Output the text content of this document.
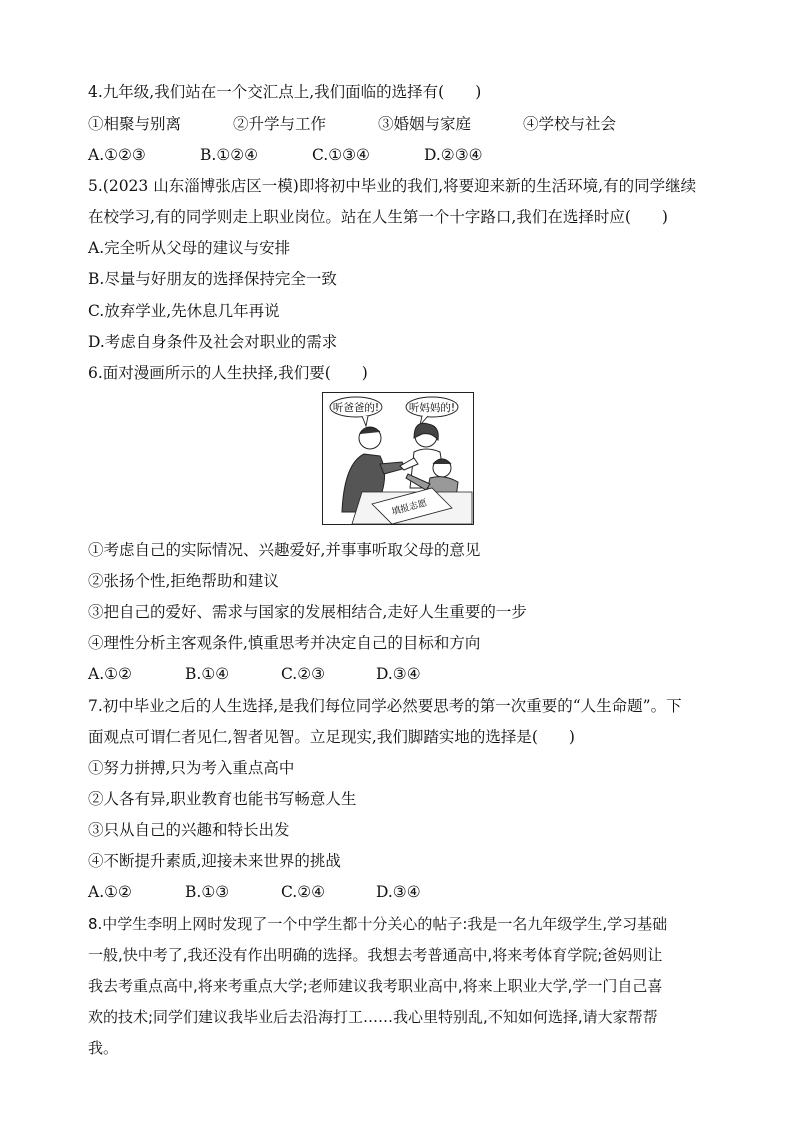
4.九年级,我们站在一个交汇点上,我们面临的选择有(　　)
①相聚与别离	②升学与工作	③婚姻与家庭	④学校与社会
A.①②③	B.①②④	C.①③④	D.②③④
5.(2023 山东淄博张店区一模)即将初中毕业的我们,将要迎来新的生活环境,有的同学继续
在校学习,有的同学则走上职业岗位。站在人生第一个十字路口,我们在选择时应(　　)
A.完全听从父母的建议与安排
B.尽量与好朋友的选择保持完全一致
C.放弃学业,先休息几年再说
D.考虑自身条件及社会对职业的需求
6.面对漫画所示的人生抉择,我们要(　　)
听爸爸的!	听妈妈的!
填报志愿
①考虑自己的实际情况、兴趣爱好,并事事听取父母的意见
②张扬个性,拒绝帮助和建议
③把自己的爱好、需求与国家的发展相结合,走好人生重要的一步
④理性分析主客观条件,慎重思考并决定自己的目标和方向
A.①②	B.①④	C.②③	D.③④
7.初中毕业之后的人生选择,是我们每位同学必然要思考的第一次重要的“人生命题”。下
面观点可谓仁者见仁,智者见智。立足现实,我们脚踏实地的选择是(　　)
①努力拼搏,只为考入重点高中
②人各有异,职业教育也能书写畅意人生
③只从自己的兴趣和特长出发
④不断提升素质,迎接未来世界的挑战
A.①②	B.①③	C.②④	D.③④
8.中学生李明上网时发现了一个中学生都十分关心的帖子:我是一名九年级学生,学习基础
一般,快中考了,我还没有作出明确的选择。我想去考普通高中,将来考体育学院;爸妈则让
我去考重点高中,将来考重点大学;老师建议我考职业高中,将来上职业大学,学一门自己喜
欢的技术;同学们建议我毕业后去沿海打工……我心里特别乱,不知如何选择,请大家帮帮
我。
